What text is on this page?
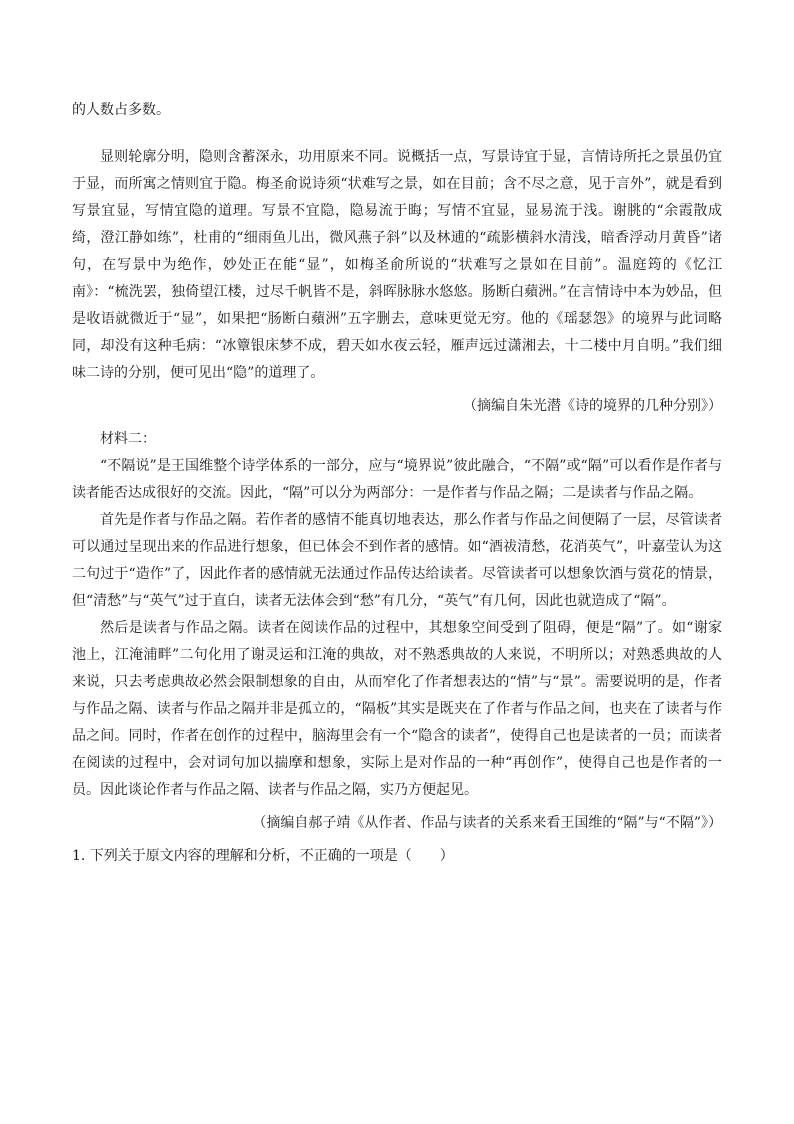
的人数占多数。

显则轮廓分明，隐则含蓄深永，功用原来不同。说概括一点，写景诗宜于显，言情诗所托之景虽仍宜于显，而所寓之情则宜于隐。梅圣俞说诗须“状难写之景，如在目前；含不尽之意，见于言外”，就是看到写景宜显，写情宜隐的道理。写景不宜隐，隐易流于晦；写情不宜显，显易流于浅。谢朓的“余霞散成绮，澄江静如练”，杜甫的“细雨鱼儿出，微风燕子斜”以及林逋的“疏影横斜水清浅，暗香浮动月黄昏”诸句，在写景中为绝作，妙处正在能“显”，如梅圣俞所说的“状难写之景如在目前”。温庭筠的《忆江南》：“梳洗罢，独倚望江楼，过尽千帆皆不是，斜晖脉脉水悠悠。肠断白蘋洲。”在言情诗中本为妙品，但是收语就微近于“显”，如果把“肠断白蘋洲”五字删去，意味更觉无穷。他的《瑶瑟怨》的境界与此词略同，却没有这种毛病：“冰簟银床梦不成，碧天如水夜云轻，雁声远过潇湘去，十二楼中月自明。”我们细味二诗的分别，便可见出“隐”的道理了。

（摘编自朱光潜《诗的境界的几种分别》）

材料二：

“不隔说”是王国维整个诗学体系的一部分，应与“境界说”彼此融合，“不隔”或“隔”可以看作是作者与读者能否达成很好的交流。因此，“隔”可以分为两部分：一是作者与作品之隔；二是读者与作品之隔。

首先是作者与作品之隔。若作者的感情不能真切地表达，那么作者与作品之间便隔了一层，尽管读者可以通过呈现出来的作品进行想象，但已体会不到作者的感情。如“酒祓清愁，花消英气”，叶嘉莹认为这二句过于“造作”了，因此作者的感情就无法通过作品传达给读者。尽管读者可以想象饮酒与赏花的情景，但“清愁”与“英气”过于直白，读者无法体会到“愁”有几分，“英气”有几何，因此也就造成了“隔”。

然后是读者与作品之隔。读者在阅读作品的过程中，其想象空间受到了阻碍，便是“隔”了。如“谢家池上，江淹浦畔”二句化用了谢灵运和江淹的典故，对不熟悉典故的人来说，不明所以；对熟悉典故的人来说，只去考虑典故必然会限制想象的自由，从而窄化了作者想表达的“情”与“景”。需要说明的是，作者与作品之隔、读者与作品之隔并非是孤立的，“隔板”其实是既夹在了作者与作品之间，也夹在了读者与作品之间。同时，作者在创作的过程中，脑海里会有一个“隐含的读者”，使得自己也是读者的一员；而读者在阅读的过程中，会对词句加以揣摩和想象，实际上是对作品的一种“再创作”，使得自己也是作者的一员。因此谈论作者与作品之隔、读者与作品之隔，实乃方便起见。

（摘编自郝子靖《从作者、作品与读者的关系来看王国维的“隔”与“不隔”》）

1. 下列关于原文内容的理解和分析，不正确的一项是（　　）
